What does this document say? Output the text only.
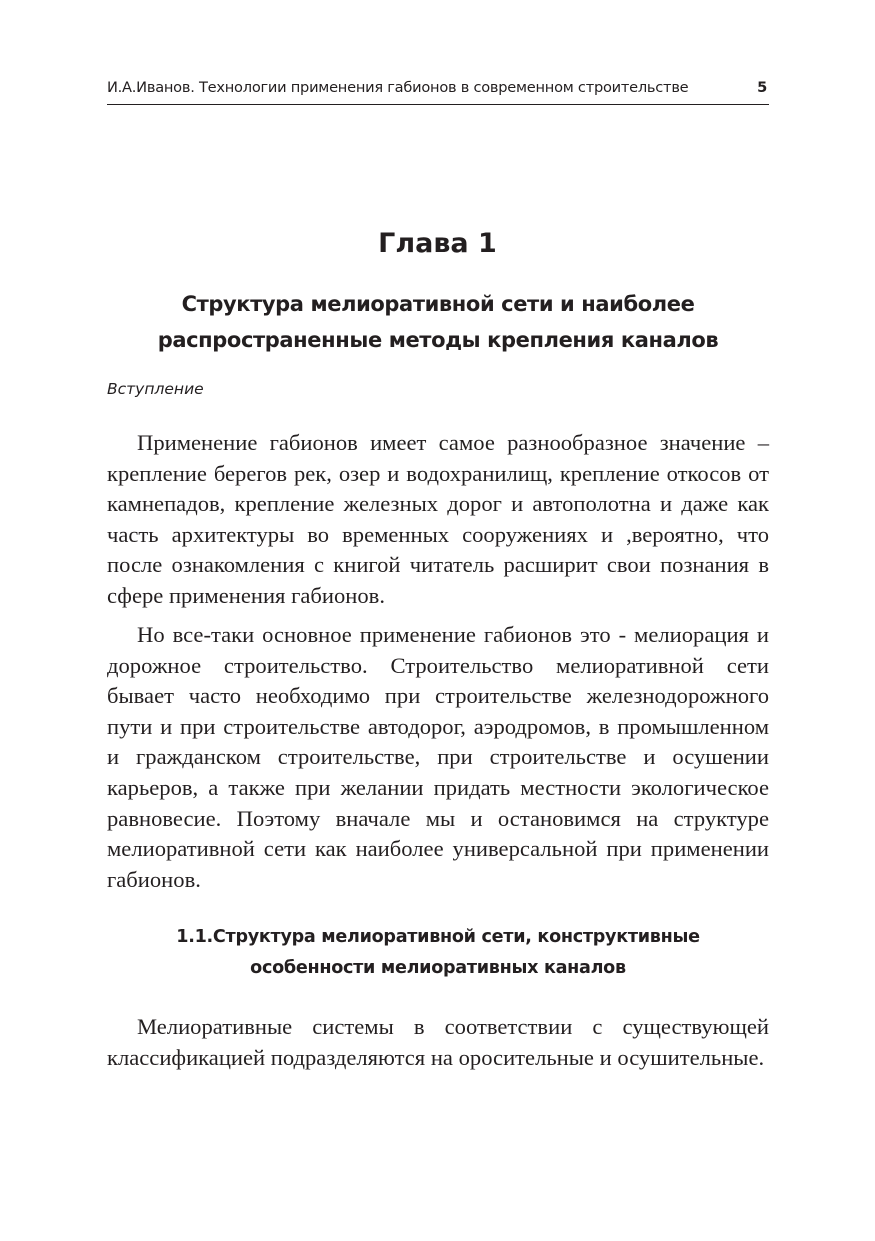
И.А.Иванов. Технологии применения габионов в современном строительстве	5
Глава 1
Структура мелиоративной сети и наиболее
распространенные методы крепления каналов

Вступление

Применение габионов имеет самое разнообразное значение – крепление берегов рек, озер и водохранилищ, крепление откосов от камнепадов, крепление железных дорог и автополотна и даже как часть архитектуры во временных сооружениях и ,вероятно, что после ознакомления с книгой читатель расширит свои познания в сфере применения габионов.

Но все-таки основное применение габионов это - мелиорация и дорожное строительство. Строительство мелиоративной сети бывает часто необходимо при строительстве железнодорожного пути и при строительстве автодорог, аэродромов, в промышленном и гражданском строительстве, при строительстве и осушении карьеров, а также при желании придать местности экологическое равновесие. Поэтому вначале мы и остановимся на структуре мелиоративной сети как наиболее универсальной при применении габионов.

1.1.Структура мелиоративной сети, конструктивные
особенности мелиоративных каналов

Мелиоративные системы в соответствии с существующей классификацией подразделяются на оросительные и осушительные.
